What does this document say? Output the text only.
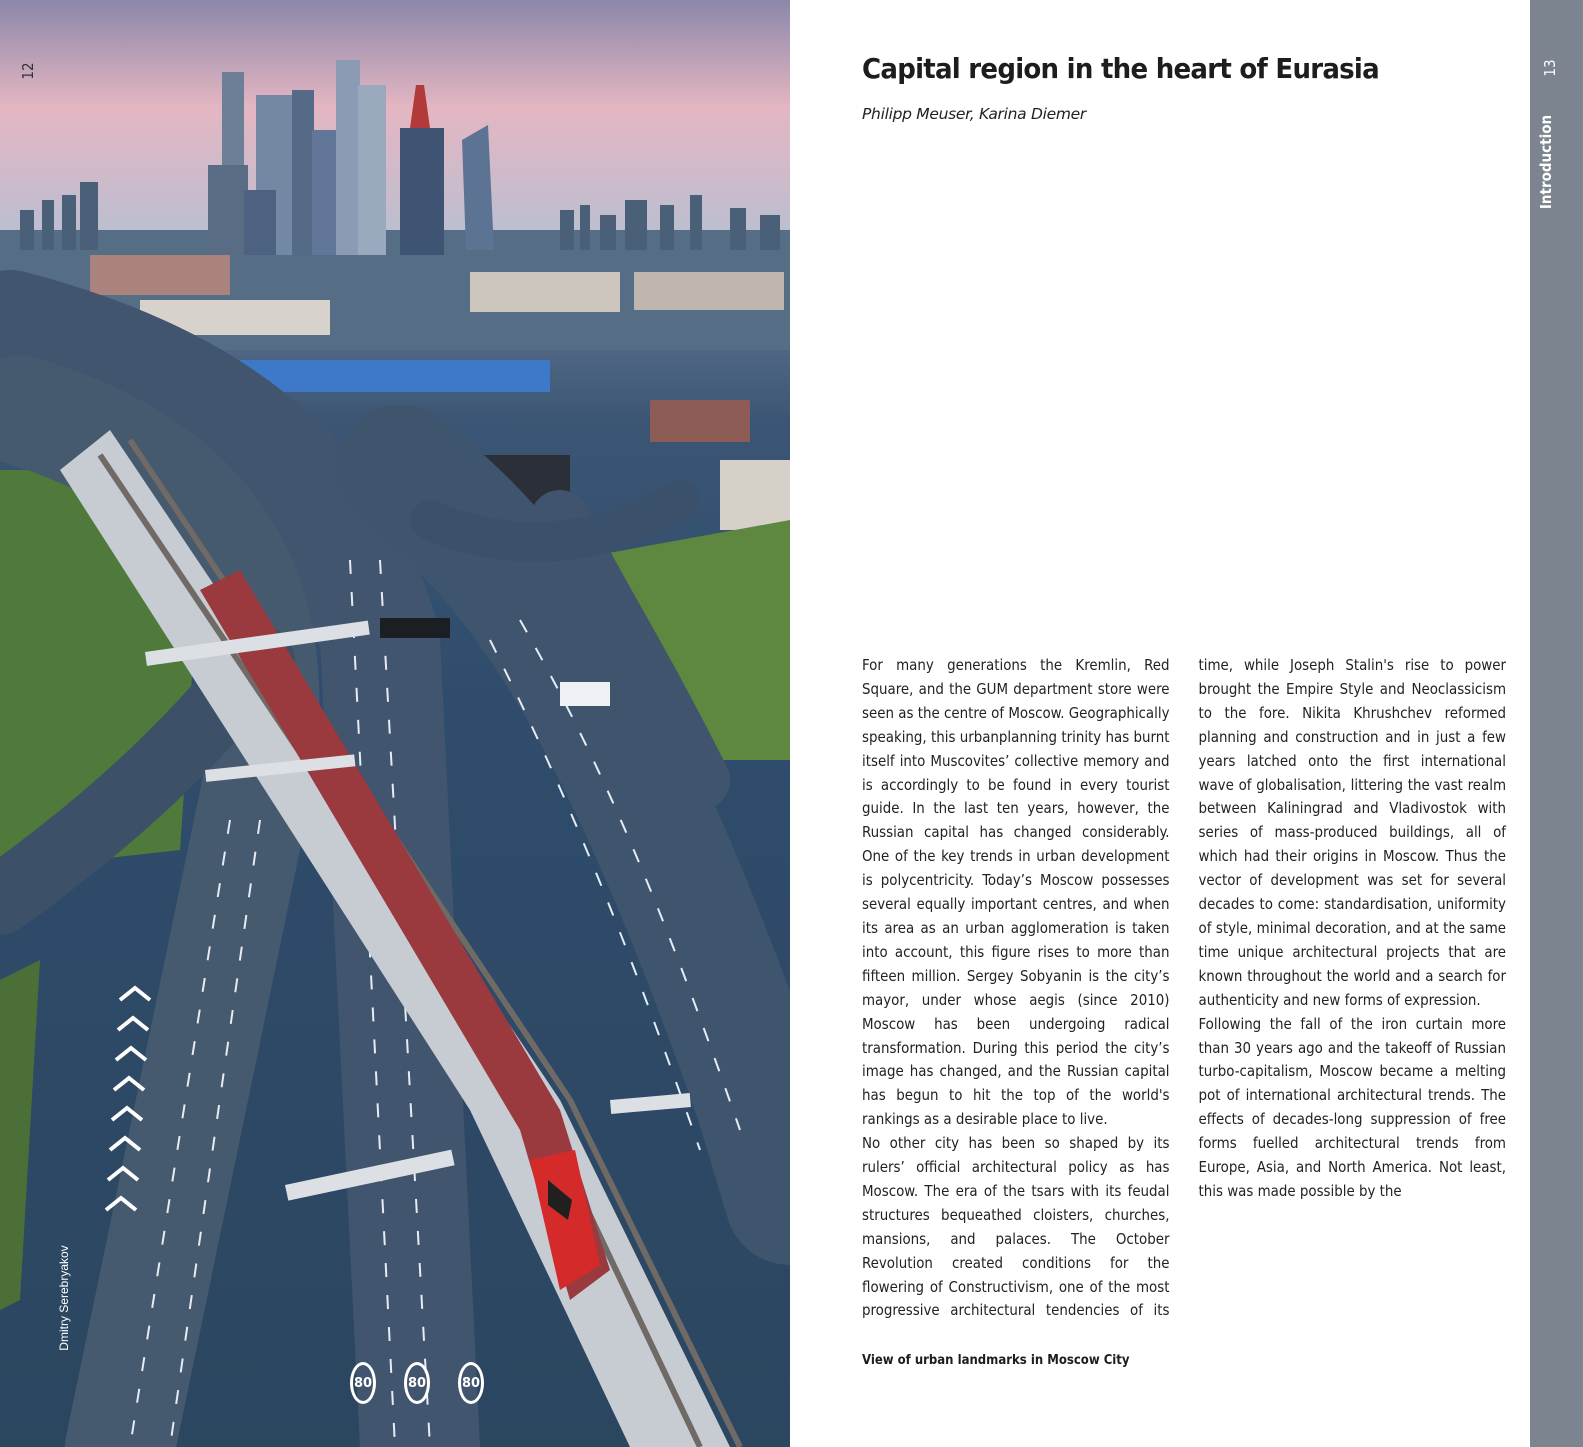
80	80	80
Dmitry Serebryakov
12	Capital region in the heart of Eurasia
Philipp Meuser, Karina Diemer

For many generations the Kremlin, Red Square, and the GUM department store were seen as the centre of Moscow. Geographically speaking, this urbanplanning trinity has burnt itself into Muscovites’ collective memory and is accordingly to be found in every tourist guide. In the last ten years, however, the Russian capital has changed considerably. One of the key trends in urban development is polycentricity. Today’s Moscow possesses several equally important centres, and when its area as an urban agglomeration is taken into account, this figure rises to more than fifteen million. Sergey Sobyanin is the city’s mayor, under whose aegis (since 2010) Moscow has been undergoing radical transformation. During this period the city’s image has changed, and the Russian capital has begun to hit the top of the world's rankings as a desirable place to live.

No other city has been so shaped by its rulers’ official architectural policy as has Moscow. The era of the tsars with its feudal structures bequeathed cloisters, churches, mansions, and palaces. The October Revolution created conditions for the flowering of Constructivism, one of the most progressive architectural tendencies of its time, while Joseph Stalin's rise to power brought the Empire Style and Neoclassicism to the fore. Nikita Khrushchev reformed planning and construction and in just a few years latched onto the first international wave of globalisation, littering the vast realm between Kaliningrad and Vladivostok with series of mass-produced buildings, all of which had their origins in Moscow. Thus the vector of development was set for several decades to come: standardisation, uniformity of style, minimal decoration, and at the same time unique architectural projects that are known throughout the world and a search for authenticity and new forms of expression.

Following the fall of the iron curtain more than 30 years ago and the takeoff of Russian turbo-capitalism, Moscow became a melting pot of international architectural trends. The effects of decades-long suppression of free forms fuelled architectural trends from Europe, Asia, and North America. Not least, this was made possible by the

View of urban landmarks in Moscow City
13
Introduction
